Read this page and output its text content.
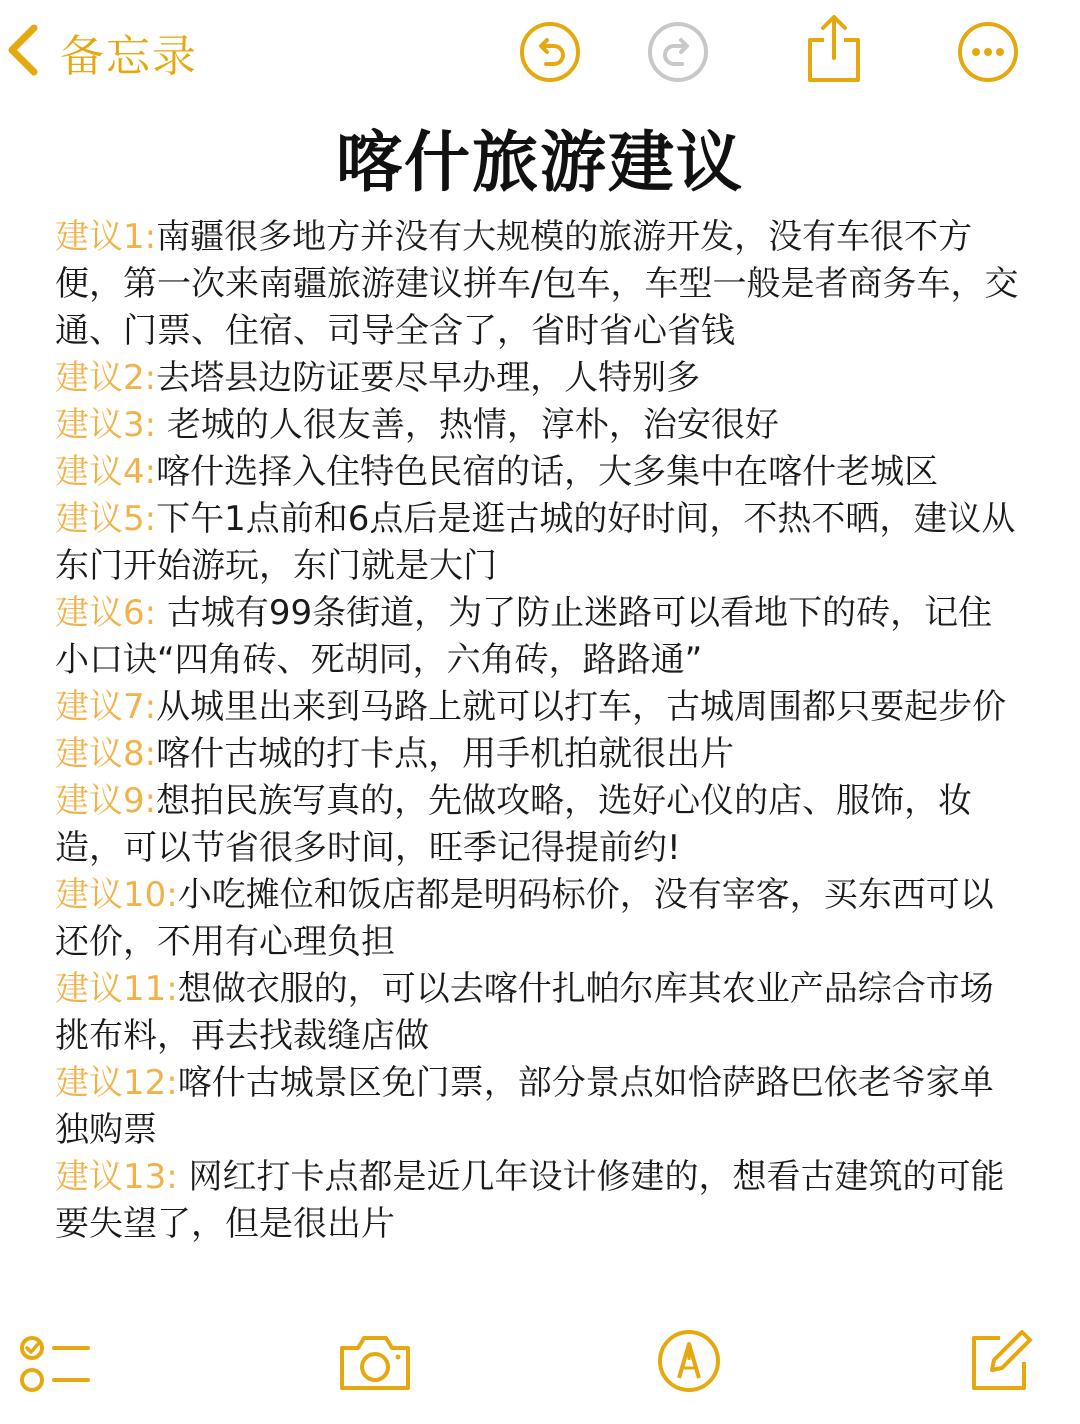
备忘录
喀什旅游建议

建议1:南疆很多地方并没有大规模的旅游开发，没有车很不方便，第一次来南疆旅游建议拼车/包车，车型一般是者商务车，交通、门票、住宿、司导全含了，省时省心省钱

建议2:去塔县边防证要尽早办理，人特别多

建议3: 老城的人很友善，热情，淳朴，治安很好

建议4:喀什选择入住特色民宿的话，大多集中在喀什老城区

建议5:下午1点前和6点后是逛古城的好时间，不热不晒，建议从东门开始游玩，东门就是大门

建议6: 古城有99条街道，为了防止迷路可以看地下的砖，记住小口诀“四角砖、死胡同，六角砖，路路通”

建议7:从城里出来到马路上就可以打车，古城周围都只要起步价

建议8:喀什古城的打卡点，用手机拍就很出片

建议9:想拍民族写真的，先做攻略，选好心仪的店、服饰，妆造，可以节省很多时间，旺季记得提前约!

建议10:小吃摊位和饭店都是明码标价，没有宰客，买东西可以还价，不用有心理负担

建议11:想做衣服的，可以去喀什扎帕尔库其农业产品综合市场挑布料，再去找裁缝店做

建议12:喀什古城景区免门票，部分景点如恰萨路巴依老爷家单独购票

建议13: 网红打卡点都是近几年设计修建的，想看古建筑的可能要失望了，但是很出片
